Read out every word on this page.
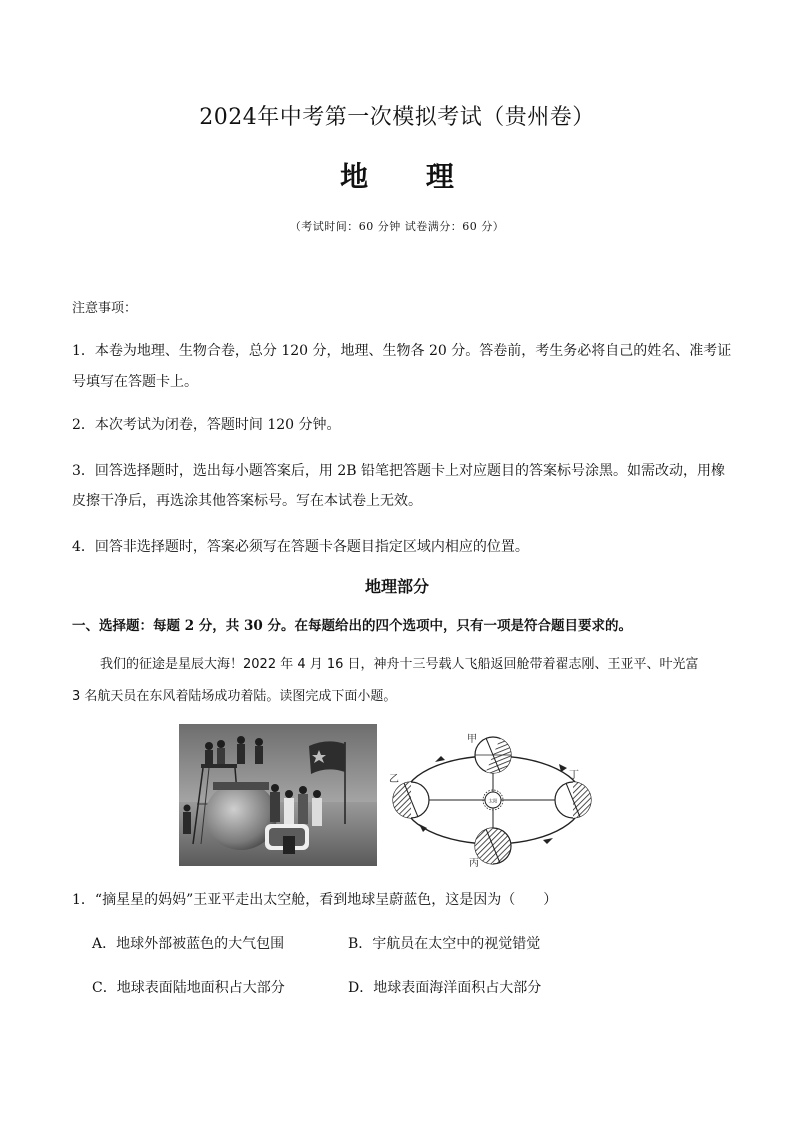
2024年中考第一次模拟考试（贵州卷）
地 理
（考试时间：60 分钟 试卷满分：60 分）
注意事项：
1．本卷为地理、生物合卷，总分 120 分，地理、生物各 20 分。答卷前，考生务必将自己的姓名、准考证
号填写在答题卡上。
2．本次考试为闭卷，答题时间 120 分钟。
3．回答选择题时，选出每小题答案后，用 2B 铅笔把答题卡上对应题目的答案标号涂黑。如需改动，用橡
皮擦干净后，再选涂其他答案标号。写在本试卷上无效。
4．回答非选择题时，答案必须写在答题卡各题目指定区域内相应的位置。
地理部分
一、选择题：每题 2 分，共 30 分。在每题给出的四个选项中，只有一项是符合题目要求的。
我们的征途是星辰大海！2022 年 4 月 16 日，神舟十三号载人飞船返回舱带着翟志刚、王亚平、叶光富
3 名航天员在东风着陆场成功着陆。读图完成下面小题。
太阳
甲
乙
丙
丁
1．“摘星星的妈妈”王亚平走出太空舱，看到地球呈蔚蓝色，这是因为（　　）
A．地球外部被蓝色的大气包围	B．宇航员在太空中的视觉错觉
C．地球表面陆地面积占大部分	D．地球表面海洋面积占大部分
